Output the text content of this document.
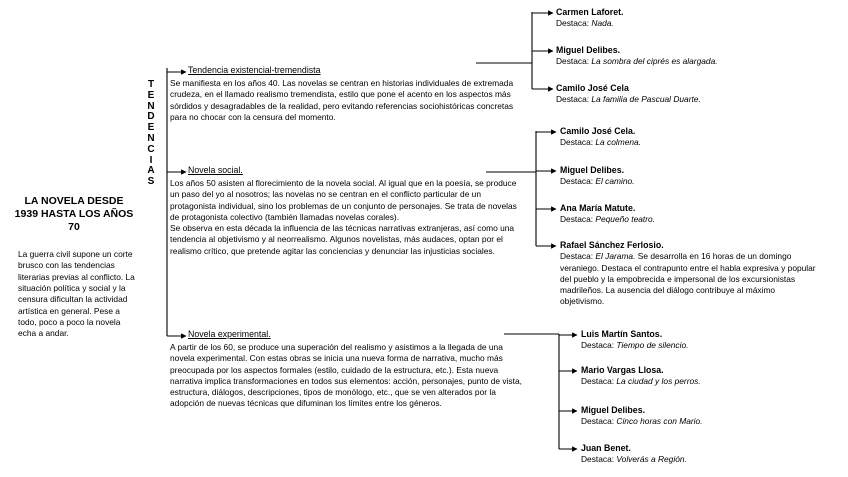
LA NOVELA DESDE 1939 HASTA LOS AÑOS 70
La guerra civil supone un corte brusco con las tendencias literarias previas al conflicto. La situación política y social y la censura dificultan la actividad artística en general. Pese a todo, poco a poco la novela echa a andar.
T
E
N
D
E
N
C
I
A
S
Tendencia existencial-tremendista
Se manifiesta en los años 40. Las novelas se centran en historias individuales de extremada crudeza, en el llamado realismo tremendista, estilo que pone el acento en los aspectos más sórdidos y desagradables de la realidad, pero evitando referencias sociohistóricas concretas para no chocar con la censura del momento.
Novela social.
Los años 50 asisten al florecimiento de la novela social. Al igual que en la poesía, se produce un paso del yo al nosotros; las novelas no se centran en el conflicto particular de un protagonista individual, sino los problemas de un conjunto de personajes. Se trata de novelas de protagonista colectivo (también llamadas novelas corales).
Se observa en esta década la influencia de las técnicas narrativas extranjeras, así como una tendencia al objetivismo y al neorrealismo. Algunos novelistas, más audaces, optan por el realismo crítico, que pretende agitar las conciencias y denunciar las injusticias sociales.
Novela experimental.
A partir de los 60, se produce una superación del realismo y asistimos a la llegada de una novela experimental. Con estas obras se inicia una nueva forma de narrativa, mucho más preocupada por los aspectos formales (estilo, cuidado de la estructura, etc.). Esta nueva narrativa implica transformaciones en todos sus elementos: acción, personajes, punto de vista, estructura, diálogos, descripciones, tipos de monólogo, etc., que se ven alterados por la adopción de nuevas técnicas que difuminan los límites entre los géneros.
Carmen Laforet.
Destaca: Nada.
Miguel Delibes.
Destaca: La sombra del ciprés es alargada.
Camilo José Cela
Destaca: La familia de Pascual Duarte.
Camilo José Cela.
Destaca: La colmena.
Miguel Delibes.
Destaca: El camino.
Ana María Matute.
Destaca: Pequeño teatro.
Rafael Sánchez Ferlosio.
Destaca: El Jarama. Se desarrolla en 16 horas de un domingo veraniego. Destaca el contrapunto entre el habla expresiva y popular del pueblo y la empobrecida e impersonal de los excursionistas madrileños. La ausencia del diálogo contribuye al máximo objetivismo.
Luis Martín Santos.
Destaca: Tiempo de silencio.
Mario Vargas Llosa.
Destaca: La ciudad y los perros.
Miguel Delibes.
Destaca: Cinco horas con Mario.
Juan Benet.
Destaca: Volverás a Región.
